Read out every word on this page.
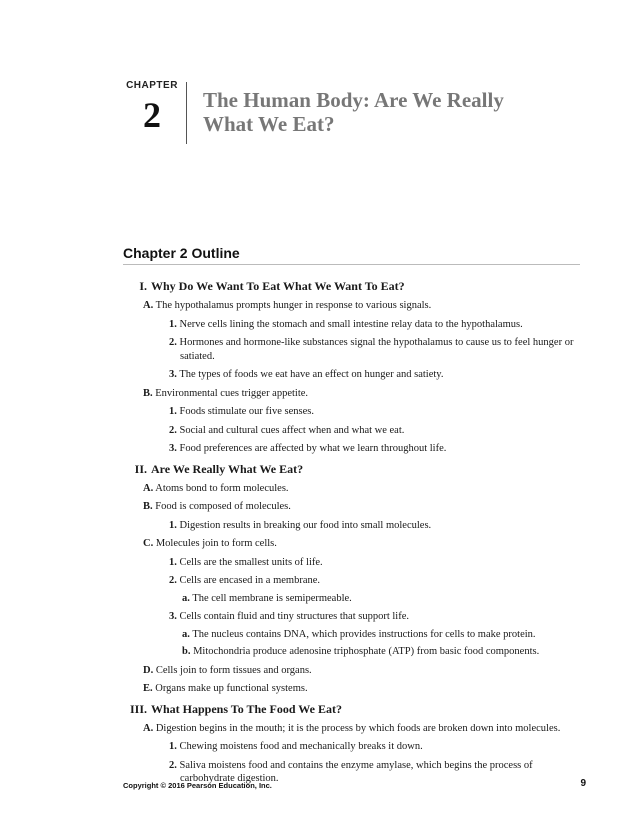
CHAPTER
2	The Human Body: Are We Really
What We Eat?
Chapter 2 Outline
I. Why Do We Want To Eat What We Want To Eat?
A. The hypothalamus prompts hunger in response to various signals.
1. Nerve cells lining the stomach and small intestine relay data to the hypothalamus.
2. Hormones and hormone-like substances signal the hypothalamus to cause us to feel hunger or satiated.
3. The types of foods we eat have an effect on hunger and satiety.
B. Environmental cues trigger appetite.
1. Foods stimulate our five senses.
2. Social and cultural cues affect when and what we eat.
3. Food preferences are affected by what we learn throughout life.
II. Are We Really What We Eat?
A. Atoms bond to form molecules.
B. Food is composed of molecules.
1. Digestion results in breaking our food into small molecules.
C. Molecules join to form cells.
1. Cells are the smallest units of life.
2. Cells are encased in a membrane.
a. The cell membrane is semipermeable.
3. Cells contain fluid and tiny structures that support life.
a. The nucleus contains DNA, which provides instructions for cells to make protein.
b. Mitochondria produce adenosine triphosphate (ATP) from basic food components.
D. Cells join to form tissues and organs.
E. Organs make up functional systems.
III. What Happens To The Food We Eat?
A. Digestion begins in the mouth; it is the process by which foods are broken down into molecules.
1. Chewing moistens food and mechanically breaks it down.
2. Saliva moistens food and contains the enzyme amylase, which begins the process of carbohydrate digestion.
Copyright © 2016 Pearson Education, Inc.	9
